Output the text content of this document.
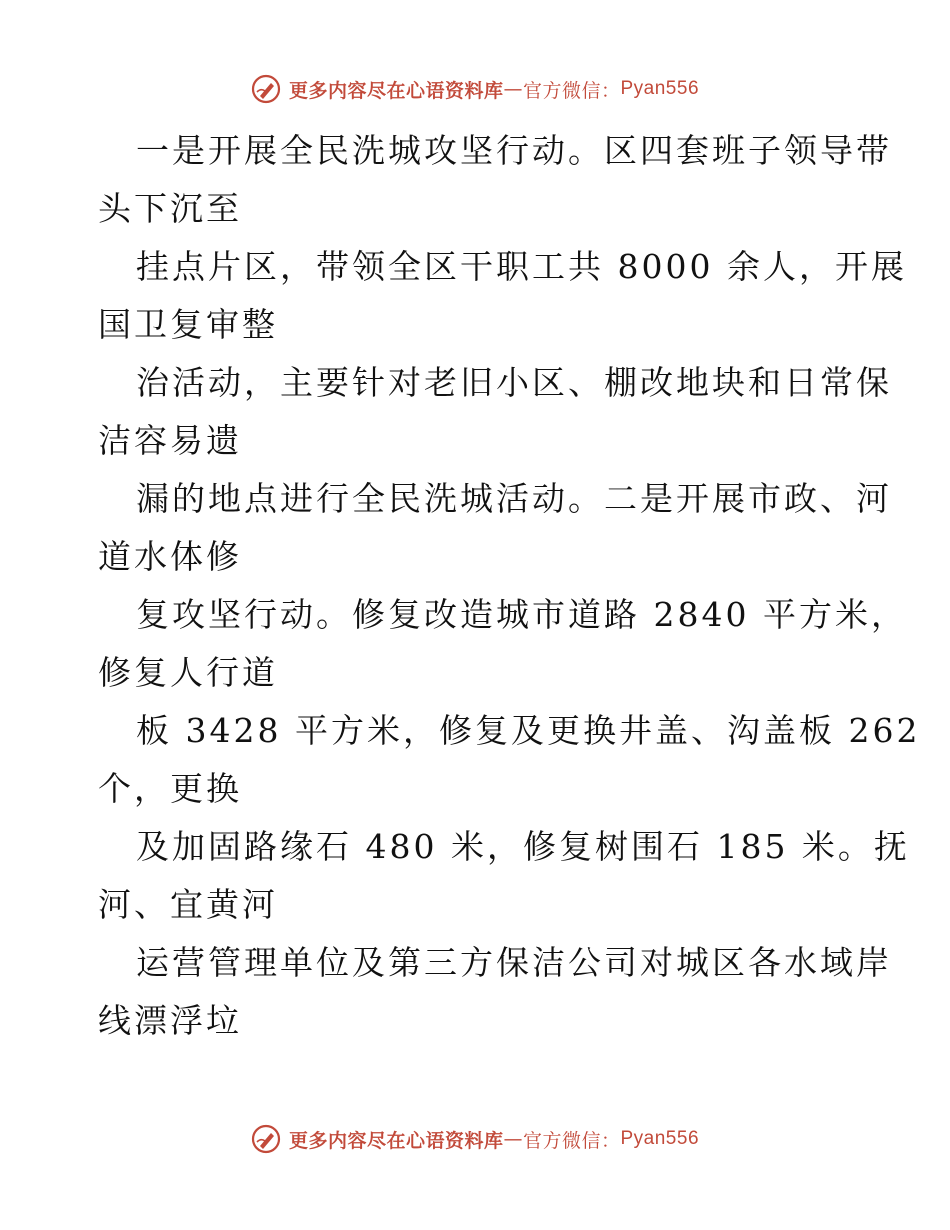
更多内容尽在心语资料库 — 官方微信： Pyan556
一是开展全民洗城攻坚行动。区四套班子领导带
头下沉至
挂点片区，带领全区干职工共 8000 余人，开展
国卫复审整
治活动，主要针对老旧小区、棚改地块和日常保
洁容易遗
漏的地点进行全民洗城活动。二是开展市政、河
道水体修
复攻坚行动。修复改造城市道路 2840 平方米，
修复人行道
板 3428 平方米，修复及更换井盖、沟盖板 262
个，更换
及加固路缘石 480 米，修复树围石 185 米。抚
河、宜黄河
运营管理单位及第三方保洁公司对城区各水域岸
线漂浮垃
更多内容尽在心语资料库 — 官方微信： Pyan556
